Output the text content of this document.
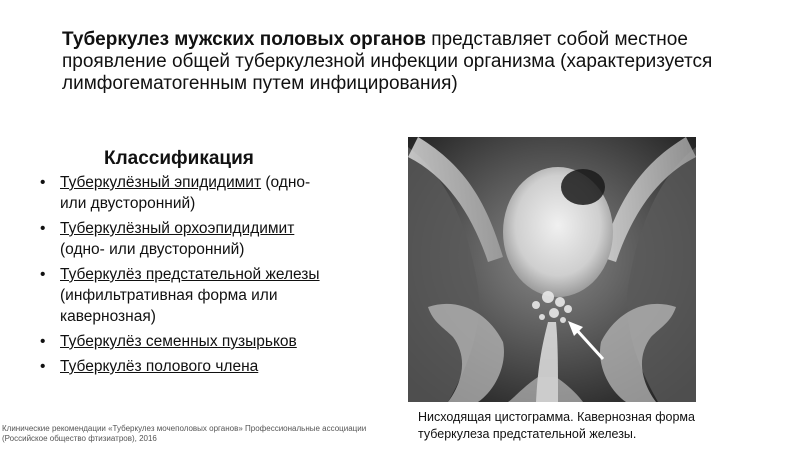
Туберкулез мужских половых органов представляет собой местное проявление общей туберкулезной инфекции организма (характеризуется лимфогематогенным путем инфицирования)
Классификация
• Туберкулёзный эпидидимит (одно- или двусторонний)
• Туберкулёзный орхоэпидидимит (одно- или двусторонний)
• Туберкулёз предстательной железы (инфильтративная форма или кавернозная)
• Туберкулёз семенных пузырьков
• Туберкулёз полового члена
Клинические рекомендации «Туберкулез мочеполовых органов» Профессиональные ассоциации (Российское общество фтизиатров), 2016
Нисходящая цистограмма. Кавернозная форма туберкулеза предстательной железы.
